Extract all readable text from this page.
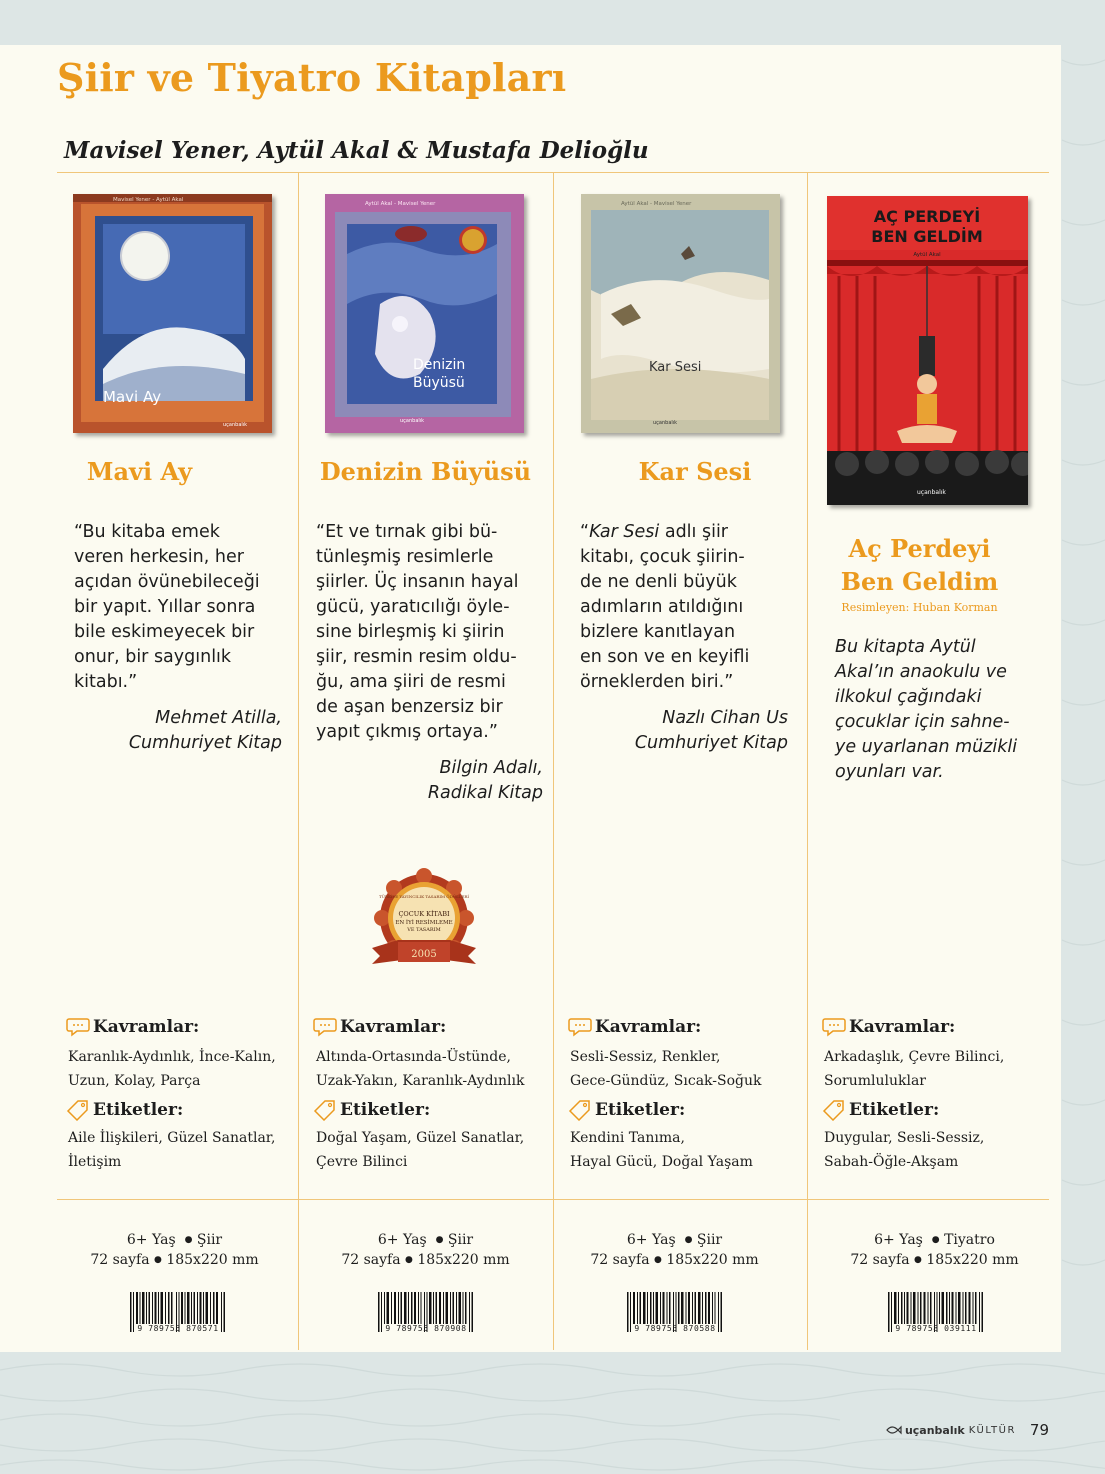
Şiir ve Tiyatro Kitapları
Mavisel Yener, Aytül Akal & Mustafa Delioğlu
Mavisel Yener - Aytül Akal
Mavi Ay
uçanbalık
Mavi Ay
“Bu kitaba emek
veren herkesin, her
açıdan övünebileceği
bir yapıt. Yıllar sonra
bile eskimeyecek bir
onur, bir saygınlık
kitabı.”
Mehmet Atilla,
Cumhuriyet Kitap
Kavramlar:
Karanlık-Aydınlık, İnce-Kalın,
Uzun, Kolay, Parça
Etiketler:
Aile İlişkileri, Güzel Sanatlar,
İletişim
6+ Yaş ● Şiir
72 sayfa ● 185x220 mm
9 789755 870571
Aytül Akal - Mavisel Yener
Denizin
Büyüsü
uçanbalık
Denizin Büyüsü
“Et ve tırnak gibi bü-
tünleşmiş resimlerle
şiirler. Üç insanın hayal
gücü, yaratıcılığı öyle-
sine birleşmiş ki şiirin
şiir, resmin resim oldu-
ğu, ama şiiri de resmi
de aşan benzersiz bir
yapıt çıkmış ortaya.”
Bilgin Adalı,
Radikal Kitap
TÜRKİYE YAYINCILIK TASARIM ÖDÜLLERİ
ÇOCUK KİTABI
EN İYİ RESİMLEME
VE TASARIM
2005
Kavramlar:
Altında-Ortasında-Üstünde,
Uzak-Yakın, Karanlık-Aydınlık
Etiketler:
Doğal Yaşam, Güzel Sanatlar,
Çevre Bilinci
6+ Yaş ● Şiir
72 sayfa ● 185x220 mm
9 789755 870908
Aytül Akal - Mavisel Yener
Kar Sesi
uçanbalık
Kar Sesi
“Kar Sesi adlı şiir
kitabı, çocuk şiirin-
de ne denli büyük
adımların atıldığını
bizlere kanıtlayan
en son ve en keyifli
örneklerden biri.”
Nazlı Cihan Us
Cumhuriyet Kitap
Kavramlar:
Sesli-Sessiz, Renkler,
Gece-Gündüz, Sıcak-Soğuk
Etiketler:
Kendini Tanıma,
Hayal Gücü, Doğal Yaşam
6+ Yaş ● Şiir
72 sayfa ● 185x220 mm
9 789755 870588
AÇ PERDEYİ
BEN GELDİM
Aytül Akal
uçanbalık
Aç Perdeyi
Ben Geldim
Resimleyen: Huban Korman
Bu kitapta Aytül
Akal’ın anaokulu ve
ilkokul çağındaki
çocuklar için sahne-
ye uyarlanan müzikli
oyunları var.
Kavramlar:
Arkadaşlık, Çevre Bilinci,
Sorumluluklar
Etiketler:
Duygular, Sesli-Sessiz,
Sabah-Öğle-Akşam
6+ Yaş ● Tiyatro
72 sayfa ● 185x220 mm
9 789758 039111
uçanbalık KÜLTÜR 79
